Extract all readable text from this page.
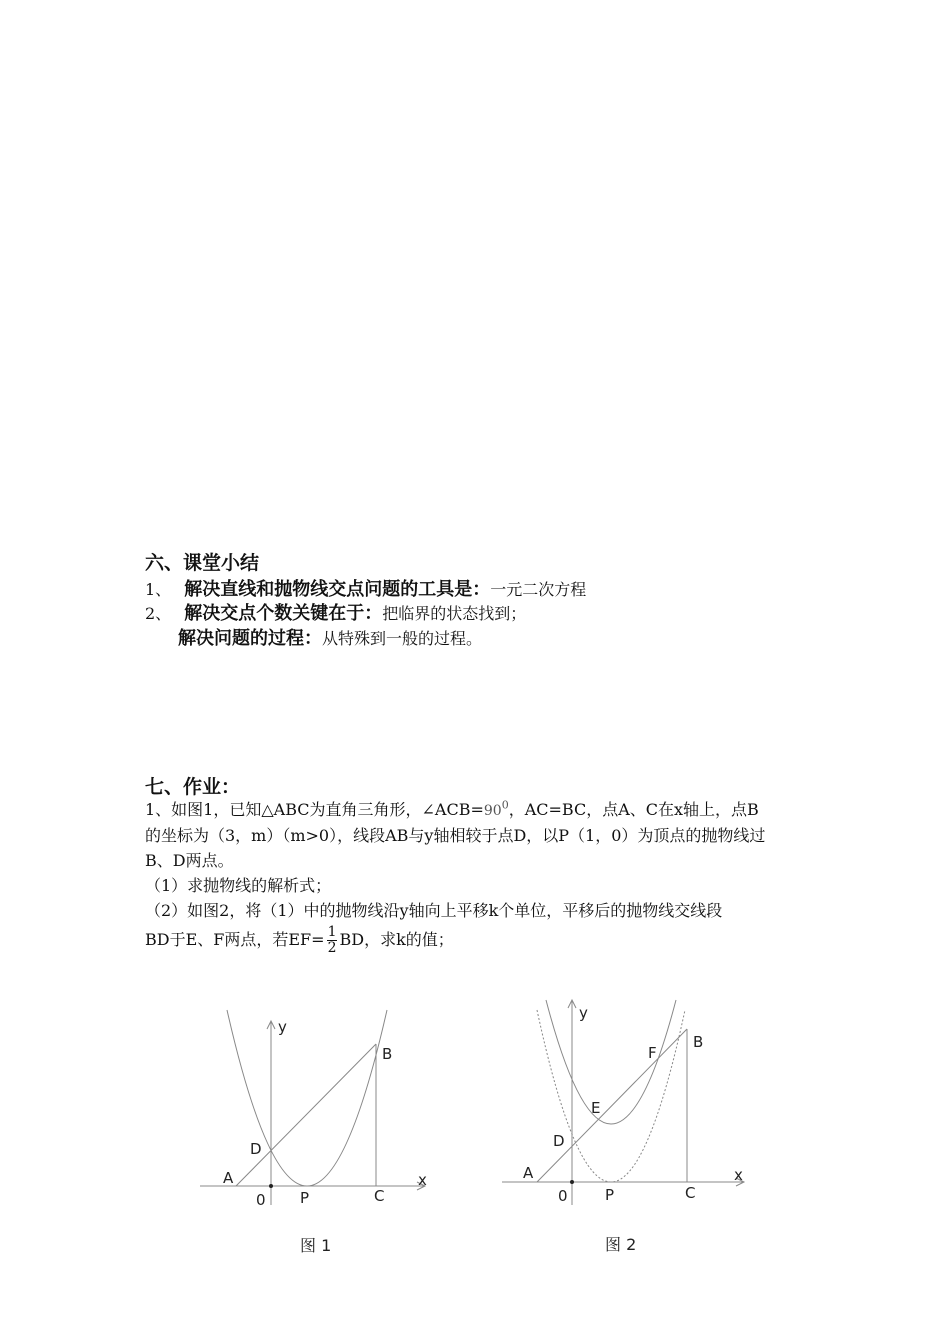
六、课堂小结
1、 解决直线和抛物线交点问题的工具是：一元二次方程
2、 解决交点个数关键在于：把临界的状态找到；
解决问题的过程：从特殊到一般的过程。
七、作业：
1、如图1，已知△ABC为直角三角形，$\angle ACB=90^0$，AC=BC，点A、C在x轴上，点B
的坐标为（3，m）（m>0），线段AB与y轴相较于点D，以P（1，0）为顶点的抛物线过
B、D两点。
（1）求抛物线的解析式；
（2）如图2，将（1）中的抛物线沿y轴向上平移k个单位，平移后的抛物线交线段
BD于E、F两点，若$EF= \frac{1}{2}$ BD，求k的值；
y
x
B
D
A
0 P	C
图 1
y
x
B
F
E
D
A
0 P	C
图 2
